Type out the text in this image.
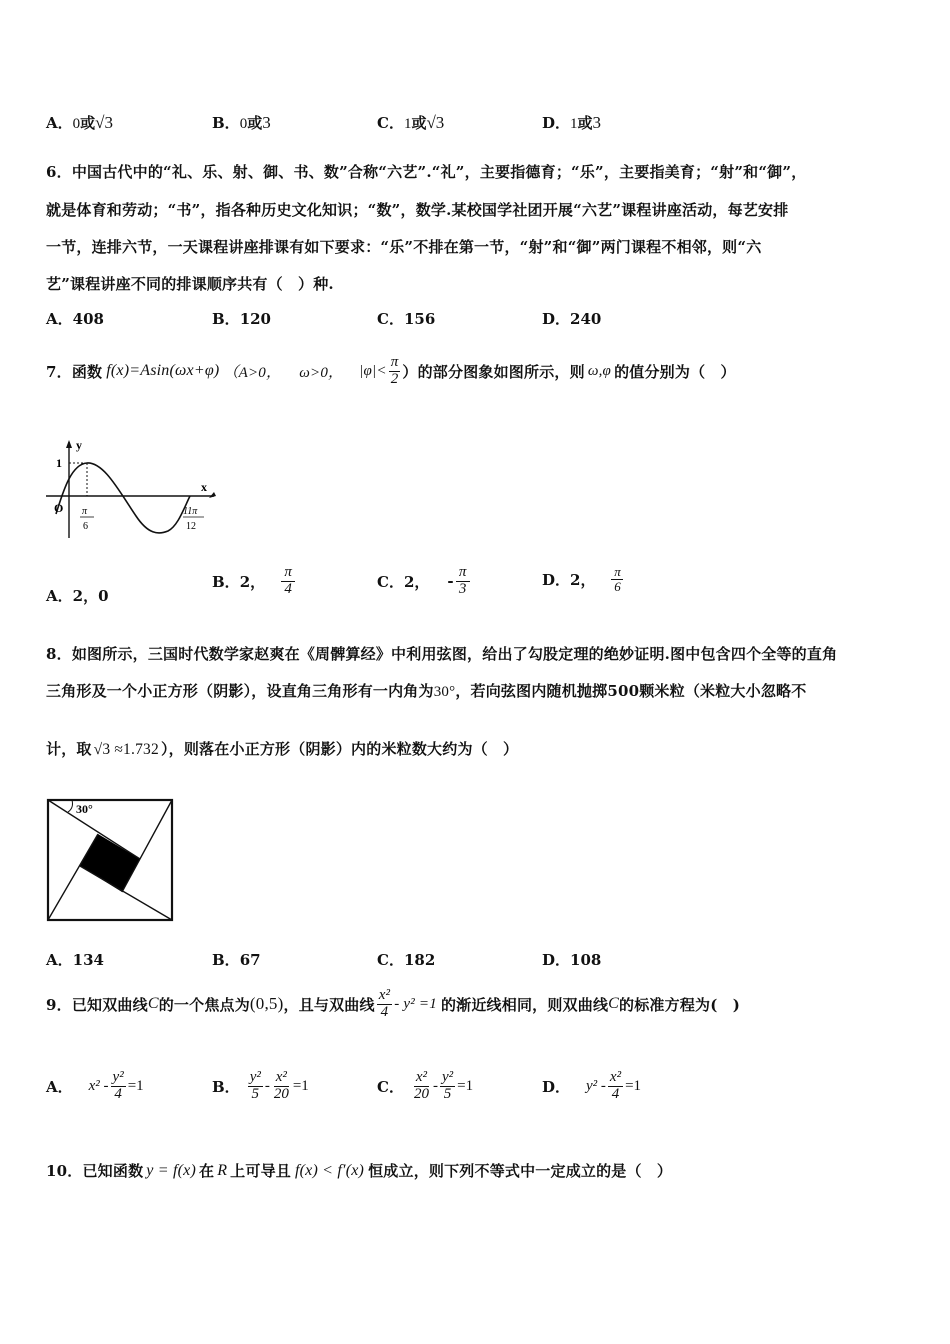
A．0或√3	B．0或3	C．1或√3	D．1或3
6．中国古代中的“礼、乐、射、御、书、数”合称“六艺”.“礼”，主要指德育；“乐”，主要指美育；“射”和“御”，
就是体育和劳动；“书”，指各种历史文化知识；“数”，数学.某校国学社团开展“六艺”课程讲座活动，每艺安排
一节，连排六节，一天课程讲座排课有如下要求：“乐”不排在第一节，“射”和“御”两门课程不相邻，则“六
艺”课程讲座不同的排课顺序共有（　）种.
A．408	B．120	C．156	D．240
7．函数 f(x)=Asin(ωx+φ) （A>0， ω>0， $|\varphi|< \frac{\pi}{2}$ ）的部分图象如图所示，则 ω,φ 的值分别为（　）
y
x
1
O π
6
11π
12
A．2，0
B． 2， $\frac{\pi}{4}$	C． 2， - $\frac{\pi}{3}$	D． 2， $\frac{\pi}{6}$
8．如图所示，三国时代数学家赵爽在《周髀算经》中利用弦图，给出了勾股定理的绝妙证明.图中包含四个全等的直角
三角形及一个小正方形（阴影），设直角三角形有一内角为30°，若向弦图内随机抛掷500颗米粒（米粒大小忽略不
计，取 √3 ≈1.732 ），则落在小正方形（阴影）内的米粒数大约为（　）
30°
A．134	B．67	C．182	D．108
9．已知双曲线 C 的一个焦点为 (0,5) ，且与双曲线 $\frac{\text{x²}}{4} - y^2 =1$ 的渐近线相同，则双曲线 C 的标准方程为(　)
A． $x^2 - \frac{\text{y²}}{4} =1$	B． $\frac{\text{y²}}{5} - \frac{\text{x²}}{20} =1$	C． $\frac{\text{x²}}{20} - \frac{\text{y²}}{5} =1$	D． $y^2 - \frac{\text{x²}}{4} =1$
10．已知函数 y = f(x) 在 R 上可导且 f(x) < f′(x) 恒成立，则下列不等式中一定成立的是（　）
